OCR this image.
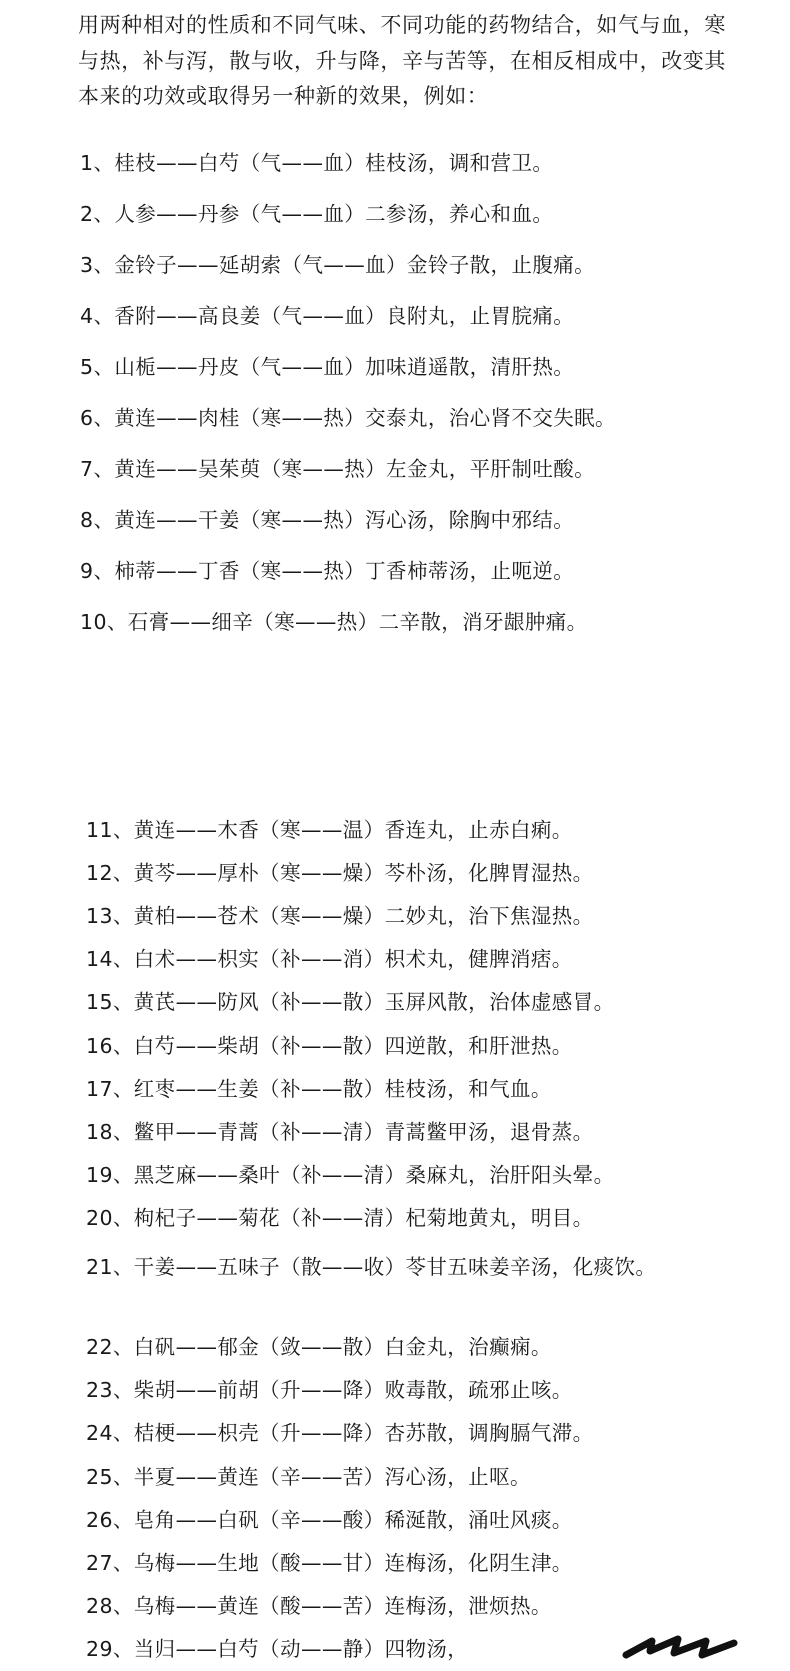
用两种相对的性质和不同气味、不同功能的药物结合，如气与血，寒与热，补与泻，散与收，升与降，辛与苦等，在相反相成中，改变其本来的功效或取得另一种新的效果，例如：

1、桂枝——白芍（气——血）桂枝汤，调和营卫。
2、人参——丹参（气——血）二参汤，养心和血。
3、金铃子——延胡索（气——血）金铃子散，止腹痛。
4、香附——高良姜（气——血）良附丸，止胃脘痛。
5、山栀——丹皮（气——血）加味逍遥散，清肝热。
6、黄连——肉桂（寒——热）交泰丸，治心肾不交失眠。
7、黄连——吴茱萸（寒——热）左金丸，平肝制吐酸。
8、黄连——干姜（寒——热）泻心汤，除胸中邪结。
9、柿蒂——丁香（寒——热）丁香柿蒂汤，止呃逆。
10、石膏——细辛（寒——热）二辛散，消牙龈肿痛。
11、黄连——木香（寒——温）香连丸，止赤白痢。
12、黄芩——厚朴（寒——燥）芩朴汤，化脾胃湿热。
13、黄柏——苍术（寒——燥）二妙丸，治下焦湿热。
14、白术——枳实（补——消）枳术丸，健脾消痞。
15、黄芪——防风（补——散）玉屏风散，治体虚感冒。
16、白芍——柴胡（补——散）四逆散，和肝泄热。
17、红枣——生姜（补——散）桂枝汤，和气血。
18、鳖甲——青蒿（补——清）青蒿鳖甲汤，退骨蒸。
19、黑芝麻——桑叶（补——清）桑麻丸，治肝阳头晕。
20、枸杞子——菊花（补——清）杞菊地黄丸，明目。
21、干姜——五味子（散——收）苓甘五味姜辛汤，化痰饮。
22、白矾——郁金（敛——散）白金丸，治癫痫。
23、柴胡——前胡（升——降）败毒散，疏邪止咳。
24、桔梗——枳壳（升——降）杏苏散，调胸膈气滞。
25、半夏——黄连（辛——苦）泻心汤，止呕。
26、皂角——白矾（辛——酸）稀涎散，涌吐风痰。
27、乌梅——生地（酸——甘）连梅汤，化阴生津。
28、乌梅——黄连（酸——苦）连梅汤，泄烦热。
29、当归——白芍（动——静）四物汤，
